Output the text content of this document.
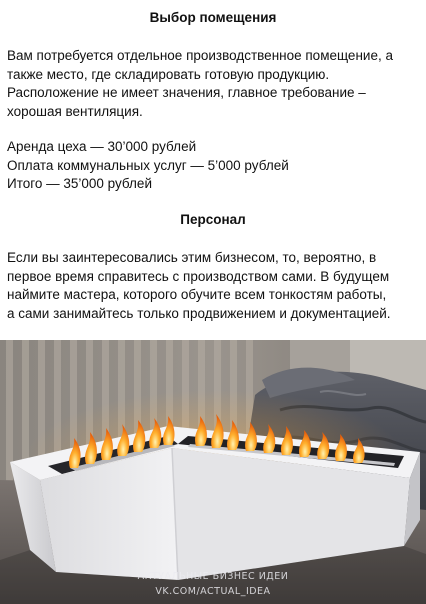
Выбор помещения
Вам потребуется отдельное производственное помещение, а
также место, где складировать готовую продукцию.
Расположение не имеет значения, главное требование –
хорошая вентиляция.
Аренда цеха — 30’000 рублей
Оплата коммунальных услуг — 5’000 рублей
Итого — 35’000 рублей
Персонал
Если вы заинтересовались этим бизнесом, то, вероятно, в
первое время справитесь с производством сами. В будущем
наймите мастера, которого обучите всем тонкостям работы,
а сами занимайтесь только продвижением и документацией.
АКТУАЛЬНЫЕ БИЗНЕС ИДЕИ
VK.COM/ACTUAL_IDEA
